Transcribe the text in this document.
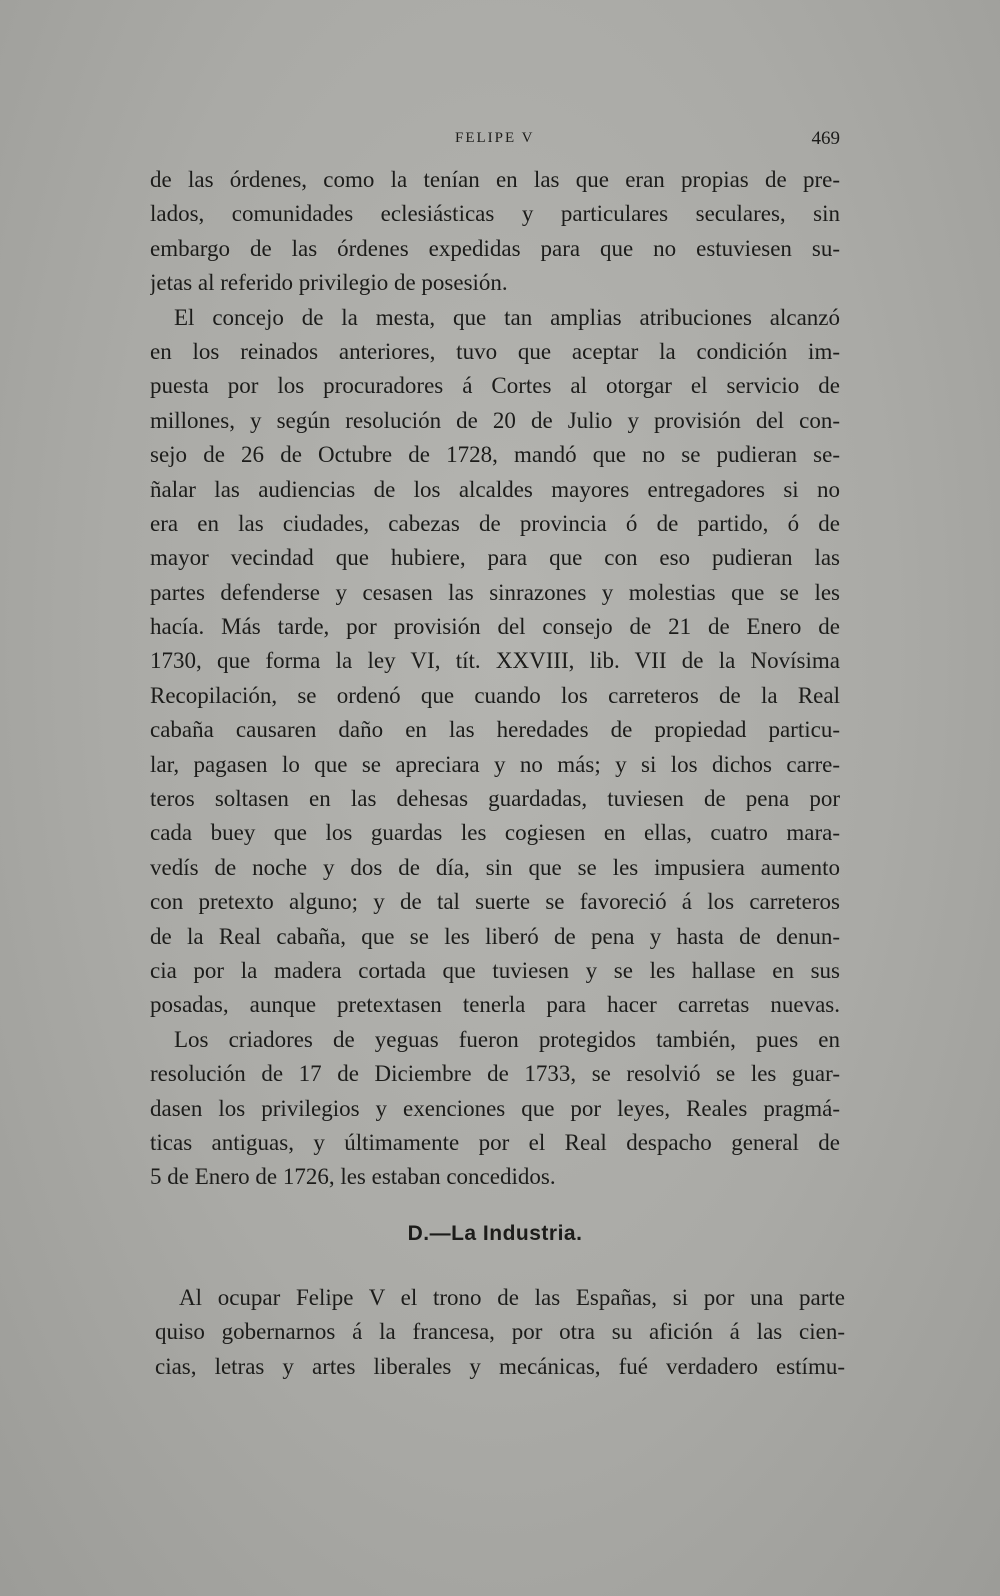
FELIPE V	469
de las órdenes, como la tenían en las que eran propias de pre-
lados, comunidades eclesiásticas y particulares seculares, sin
embargo de las órdenes expedidas para que no estuviesen su-
jetas al referido privilegio de posesión.
El concejo de la mesta, que tan amplias atribuciones alcanzó
en los reinados anteriores, tuvo que aceptar la condición im-
puesta por los procuradores á Cortes al otorgar el servicio de
millones, y según resolución de 20 de Julio y provisión del con-
sejo de 26 de Octubre de 1728, mandó que no se pudieran se-
ñalar las audiencias de los alcaldes mayores entregadores si no
era en las ciudades, cabezas de provincia ó de partido, ó de
mayor vecindad que hubiere, para que con eso pudieran las
partes defenderse y cesasen las sinrazones y molestias que se les
hacía. Más tarde, por provisión del consejo de 21 de Enero de
1730, que forma la ley VI, tít. XXVIII, lib. VII de la Novísima
Recopilación, se ordenó que cuando los carreteros de la Real
cabaña causaren daño en las heredades de propiedad particu-
lar, pagasen lo que se apreciara y no más; y si los dichos carre-
teros soltasen en las dehesas guardadas, tuviesen de pena por
cada buey que los guardas les cogiesen en ellas, cuatro mara-
vedís de noche y dos de día, sin que se les impusiera aumento
con pretexto alguno; y de tal suerte se favoreció á los carreteros
de la Real cabaña, que se les liberó de pena y hasta de denun-
cia por la madera cortada que tuviesen y se les hallase en sus
posadas, aunque pretextasen tenerla para hacer carretas nuevas.
Los criadores de yeguas fueron protegidos también, pues en
resolución de 17 de Diciembre de 1733, se resolvió se les guar-
dasen los privilegios y exenciones que por leyes, Reales pragmá-
ticas antiguas, y últimamente por el Real despacho general de
5 de Enero de 1726, les estaban concedidos.
D.—La Industria.
Al ocupar Felipe V el trono de las Españas, si por una parte
quiso gobernarnos á la francesa, por otra su afición á las cien-
cias, letras y artes liberales y mecánicas, fué verdadero estímu-
